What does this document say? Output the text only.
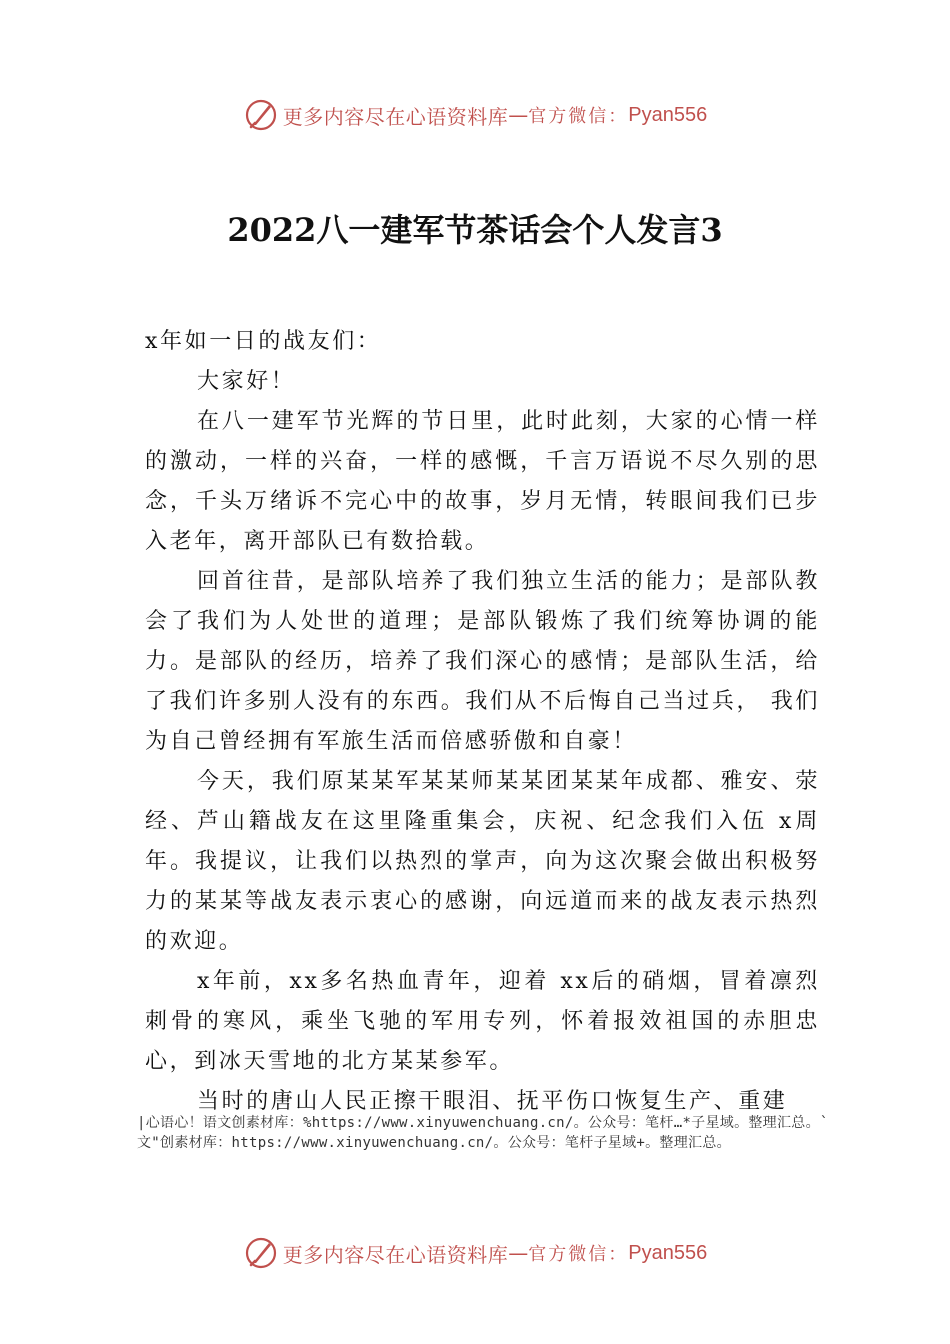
更多内容尽在心语资料库 — 官方微信： Pyan556
2022八一建军节茶话会个人发言3

x年如一日的战友们：

大家好！

在八一建军节光辉的节日里，此时此刻，大家的心情一样的激动，一样的兴奋，一样的感慨，千言万语说不尽久别的思念，千头万绪诉不完心中的故事，岁月无情，转眼间我们已步入老年，离开部队已有数拾载。

回首往昔，是部队培养了我们独立生活的能力；是部队教会了我们为人处世的道理；是部队锻炼了我们统筹协调的能力。是部队的经历，培养了我们深心的感情；是部队生活，给了我们许多别人没有的东西。我们从不后悔自己当过兵， 我们为自己曾经拥有军旅生活而倍感骄傲和自豪！

今天，我们原某某军某某师某某团某某年成都、雅安、荥经、芦山籍战友在这里隆重集会，庆祝、纪念我们入伍 x周年。我提议，让我们以热烈的掌声，向为这次聚会做出积极努力的某某等战友表示衷心的感谢，向远道而来的战友表示热烈的欢迎。

x年前，xx多名热血青年，迎着 xx后的硝烟，冒着凛烈刺骨的寒风，乘坐飞驰的军用专列，怀着报效祖国的赤胆忠心，到冰天雪地的北方某某参军。

当时的唐山人民正擦干眼泪、抚平伤口恢复生产、重建

|心语心！语文创素材库：%https://www.xinyuwenchuang.cn/。公众号：笔杆…*子星域。整理汇总。`文"创素材库：https://www.xinyuwenchuang.cn/。公众号：笔杆子星域+。整理汇总。
更多内容尽在心语资料库 — 官方微信： Pyan556
